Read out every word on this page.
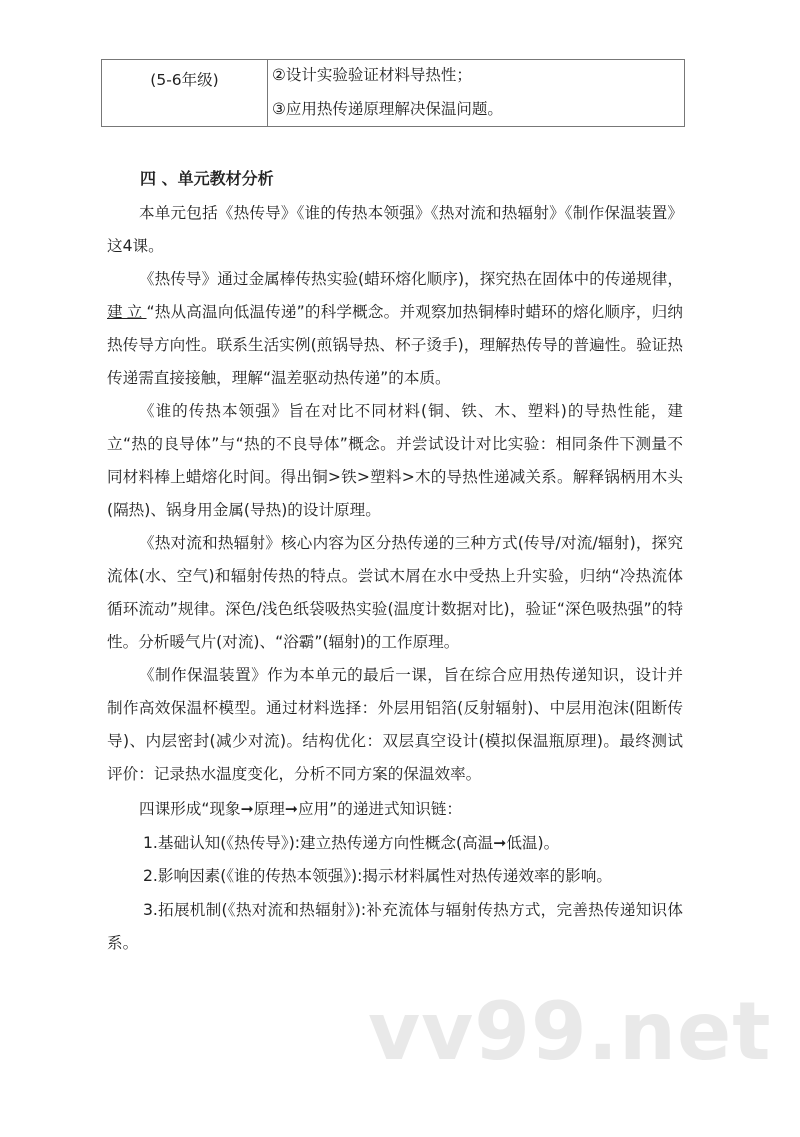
(5-6年级)	②设计实验验证材料导热性；
③应用热传递原理解决保温问题。
四 、单元教材分析

本单元包括《热传导》《谁的传热本领强》《热对流和热辐射》《制作保温装置》这4课。

《热传导》通过金属棒传热实验(蜡环熔化顺序)，探究热在固体中的传递规律，建立“热从高温向低温传递”的科学概念。并观察加热铜棒时蜡环的熔化顺序，归纳热传导方向性。联系生活实例(煎锅导热、杯子烫手)，理解热传导的普遍性。验证热传递需直接接触，理解“温差驱动热传递”的本质。

《谁的传热本领强》旨在对比不同材料(铜、铁、木、塑料)的导热性能，建立“热的良导体”与“热的不良导体”概念。并尝试设计对比实验：相同条件下测量不同材料棒上蜡熔化时间。得出铜>铁>塑料>木的导热性递减关系。解释锅柄用木头(隔热)、锅身用金属(导热)的设计原理。

《热对流和热辐射》核心内容为区分热传递的三种方式(传导/对流/辐射)，探究流体(水、空气)和辐射传热的特点。尝试木屑在水中受热上升实验，归纳“冷热流体循环流动”规律。深色/浅色纸袋吸热实验(温度计数据对比)，验证“深色吸热强”的特性。分析暖气片(对流)、“浴霸”(辐射)的工作原理。

《制作保温装置》作为本单元的最后一课，旨在综合应用热传递知识，设计并制作高效保温杯模型。通过材料选择：外层用铝箔(反射辐射)、中层用泡沫(阻断传导)、内层密封(减少对流)。结构优化：双层真空设计(模拟保温瓶原理)。最终测试评价：记录热水温度变化，分析不同方案的保温效率。

四课形成“现象➞原理➞应用”的递进式知识链：

1.基础认知(《热传导》):建立热传递方向性概念(高温➞低温)。

2.影响因素(《谁的传热本领强》):揭示材料属性对热传递效率的影响。

3.拓展机制(《热对流和热辐射》):补充流体与辐射传热方式，完善热传递知识体系。

vv99.net
